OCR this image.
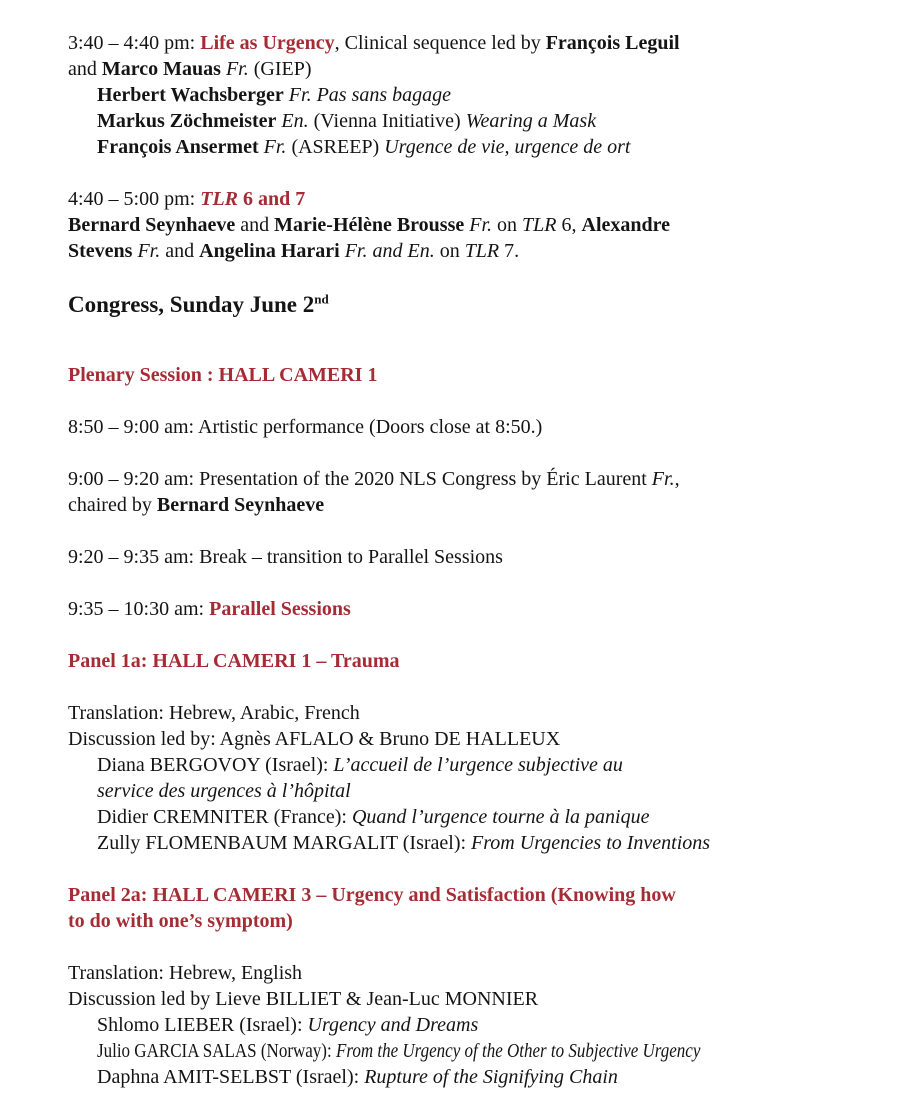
3:40 – 4:40 pm: Life as Urgency, Clinical sequence led by François Leguil
and Marco Mauas Fr. (GIEP)
Herbert Wachsberger Fr. Pas sans bagage
Markus Zöchmeister En. (Vienna Initiative) Wearing a Mask
François Ansermet Fr. (ASREEP) Urgence de vie, urgence de ort
4:40 – 5:00 pm: TLR 6 and 7
Bernard Seynhaeve and Marie-Hélène Brousse Fr. on TLR 6, Alexandre
Stevens Fr. and Angelina Harari Fr. and En. on TLR 7.
Congress, Sunday June 2nd
Plenary Session : HALL CAMERI 1
8:50 – 9:00 am: Artistic performance (Doors close at 8:50.)
9:00 – 9:20 am: Presentation of the 2020 NLS Congress by Éric Laurent Fr.,
chaired by Bernard Seynhaeve
9:20 – 9:35 am: Break – transition to Parallel Sessions
9:35 – 10:30 am: Parallel Sessions
Panel 1a: HALL CAMERI 1 – Trauma
Translation: Hebrew, Arabic, French
Discussion led by: Agnès AFLALO & Bruno DE HALLEUX
Diana BERGOVOY (Israel): L’accueil de l’urgence subjective au
service des urgences à l’hôpital
Didier CREMNITER (France): Quand l’urgence tourne à la panique
Zully FLOMENBAUM MARGALIT (Israel): From Urgencies to Inventions
Panel 2a: HALL CAMERI 3 – Urgency and Satisfaction (Knowing how
to do with one’s symptom)
Translation: Hebrew, English
Discussion led by Lieve BILLIET & Jean-Luc MONNIER
Shlomo LIEBER (Israel): Urgency and Dreams
Julio GARCIA SALAS (Norway): From the Urgency of the Other to Subjective Urgency
Daphna AMIT-SELBST (Israel): Rupture of the Signifying Chain
